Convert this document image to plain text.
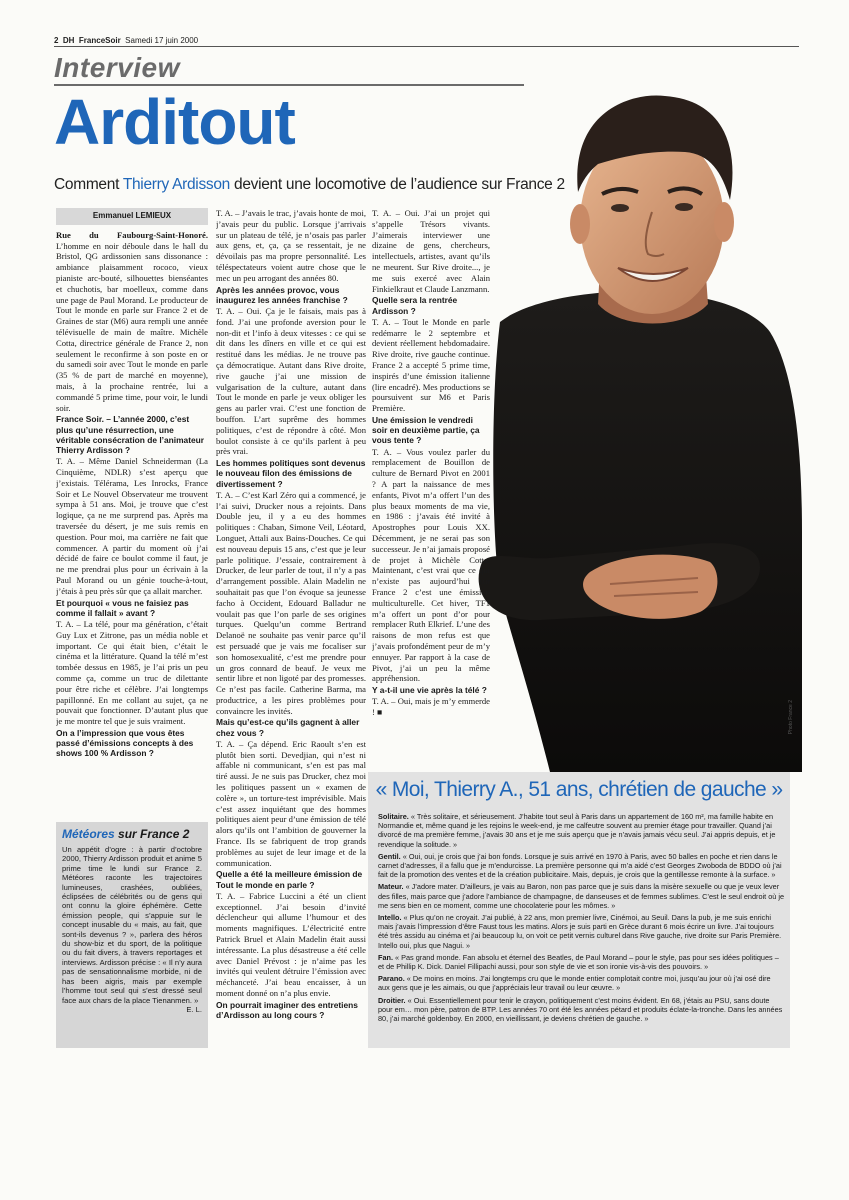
2 DH FranceSoir Samedi 17 juin 2000
Interview
Arditout
Comment Thierry Ardisson devient une locomotive de l’audience sur France 2
Photo France 2
Emmanuel LEMIEUX

Rue du Faubourg-Saint-Honoré. L’homme en noir déboule dans le hall du Bristol, QG ardissonien sans dissonance : ambiance plaisamment rococo, vieux pianiste arc-bouté, silhouettes bienséantes et chuchotis, bar moelleux, comme dans une page de Paul Morand. Le producteur de Tout le monde en parle sur France 2 et de Graines de star (M6) aura rempli une année télévisuelle de main de maître. Michèle Cotta, directrice générale de France 2, non seulement le reconfirme à son poste en or du samedi soir avec Tout le monde en parle (35 % de part de marché en moyenne), mais, à la prochaine rentrée, lui a commandé 5 prime time, pour voir, le lundi soir.

France Soir. – L’année 2000, c’est plus qu’une résurrection, une véritable consécration de l’animateur Thierry Ardisson ?

T. A. – Même Daniel Schneiderman (La Cinquième, NDLR) s’est aperçu que j’existais. Télérama, Les Inrocks, France Soir et Le Nouvel Observateur me trouvent sympa à 51 ans. Moi, je trouve que c’est logique, ça ne me surprend pas. Après ma traversée du désert, je me suis remis en question. Pour moi, ma carrière ne fait que commencer. A partir du moment où j’ai décidé de faire ce boulot comme il faut, je ne me prendrai plus pour un écrivain à la Paul Morand ou un génie touche-à-tout, j’étais à peu près sûr que ça allait marcher.

Et pourquoi « vous ne faisiez pas comme il fallait » avant ?

T. A. – La télé, pour ma génération, c’était Guy Lux et Zitrone, pas un média noble et important. Ce qui était bien, c’était le cinéma et la littérature. Quand la télé m’est tombée dessus en 1985, je l’ai pris un peu comme ça, comme un truc de dilettante pour être riche et célèbre. J’ai longtemps papillonné. En me collant au sujet, ça ne pouvait que fonctionner. D’autant plus que je me montre tel que je suis vraiment.

On a l’impression que vous êtes passé d’émissions concepts à des shows 100 % Ardisson ?

T. A. – J’avais le trac, j’avais honte de moi, j’avais peur du public. Lorsque j’arrivais sur un plateau de télé, je n’osais pas parler aux gens, et, ça, ça se ressentait, je ne dévoilais pas ma propre personnalité. Les téléspectateurs voient autre chose que le mec un peu arrogant des années 80.

Après les années provoc, vous inaugurez les années franchise ?

T. A. – Oui. Ça je le faisais, mais pas à fond. J’ai une profonde aversion pour le non-dit et l’info à deux vitesses : ce qui se dit dans les dîners en ville et ce qui est restitué dans les médias. Je ne trouve pas ça démocratique. Autant dans Rive droite, rive gauche j’ai une mission de vulgarisation de la culture, autant dans Tout le monde en parle je veux obliger les gens au parler vrai. C’est une fonction de bouffon. L’art suprême des hommes politiques, c’est de répondre à côté. Mon boulot consiste à ce qu’ils parlent à peu près vrai.

Les hommes politiques sont devenus le nouveau filon des émissions de divertissement ?

T. A. – C’est Karl Zéro qui a commencé, je l’ai suivi, Drucker nous a rejoints. Dans Double jeu, il y a eu des hommes politiques : Chaban, Simone Veil, Léotard, Longuet, Attali aux Bains-Douches. Ce qui est nouveau depuis 15 ans, c’est que je leur parle politique. J’essaie, contrairement à Drucker, de leur parler de tout, il n’y a pas d’arrangement possible. Alain Madelin ne souhaitait pas que l’on évoque sa jeunesse facho à Occident, Edouard Balladur ne voulait pas que l’on parle de ses origines turques. Quelqu’un comme Bertrand Delanoë ne souhaite pas venir parce qu’il est persuadé que je vais me focaliser sur son homosexualité, c’est me prendre pour un gros connard de beauf. Je veux me sentir libre et non ligoté par des promesses. Ce n’est pas facile. Catherine Barma, ma productrice, a les pires problèmes pour convaincre les invités.

Mais qu’est-ce qu’ils gagnent à aller chez vous ?

T. A. – Ça dépend. Eric Raoult s’en est plutôt bien sorti. Devedjian, qui n’est ni affable ni communicant, s’en est pas mal tiré aussi. Je ne suis pas Drucker, chez moi les politiques passent un « examen de colère », un torture-test imprévisible. Mais c’est assez inquiétant que des hommes politiques aient peur d’une émission de télé alors qu’ils ont l’ambition de gouverner la France. Ils se fabriquent de trop grands problèmes au sujet de leur image et de la communication.

Quelle a été la meilleure émission de Tout le monde en parle ?

T. A. – Fabrice Luccini a été un client exceptionnel. J’ai besoin d’invité déclencheur qui allume l’humour et des moments magnifiques. L’électricité entre Patrick Bruel et Alain Madelin était aussi intéressante. La plus désastreuse a été celle avec Daniel Prévost : je n’aime pas les invités qui veulent détruire l’émission avec méchanceté. J’ai beau encaisser, à un moment donné on n’a plus envie.

On pourrait imaginer des entretiens d’Ardisson au long cours ?

T. A. – Oui. J’ai un projet qui s’appelle Trésors vivants. J’aimerais interviewer une dizaine de gens, chercheurs, intellectuels, artistes, avant qu’ils ne meurent. Sur Rive droite..., je me suis exercé avec Alain Finkielkraut et Claude Lanzmann.

Quelle sera la rentrée Ardisson ?

T. A. – Tout le Monde en parle redémarre le 2 septembre et devient réellement hebdomadaire. Rive droite, rive gauche continue. France 2 a accepté 5 prime time, inspirés d’une émission italienne (lire encadré). Mes productions se poursuivent sur M6 et Paris Première.

Une émission le vendredi soir en deuxième partie, ça vous tente ?

T. A. – Vous voulez parler du remplacement de Bouillon de culture de Bernard Pivot en 2001 ? A part la naissance de mes enfants, Pivot m’a offert l’un des plus beaux moments de ma vie, en 1986 : j’avais été invité à Apostrophes pour Louis XX. Décemment, je ne serai pas son successeur. Je n’ai jamais proposé de projet à Michèle Cotta. Maintenant, c’est vrai que ce qui n’existe pas aujourd’hui sur France 2 c’est une émission multiculturelle. Cet hiver, TF1 m’a offert un pont d’or pour remplacer Ruth Elkrief. L’une des raisons de mon refus est que j’avais profondément peur de m’y ennuyer. Par rapport à la case de Pivot, j’ai un peu la même appréhension.

Y a-t-il une vie après la télé ?

T. A. – Oui, mais je m’y emmerde ! ■

Météores sur France 2
Un appétit d’ogre : à partir d’octobre 2000, Thierry Ardisson produit et anime 5 prime time le lundi sur France 2. Météores raconte les trajectoires lumineuses, crashées, oubliées, éclipsées de célébrités ou de gens qui ont connu la gloire éphémère. Cette émission people, qui s’appuie sur le concept inusable du « mais, au fait, que sont-ils devenus ? », parlera des héros du show-biz et du sport, de la politique ou du fait divers, à travers reportages et interviews. Ardisson précise : « Il n’y aura pas de sensationnalisme morbide, ni de has been aigris, mais par exemple l’homme tout seul qui s’est dressé seul face aux chars de la place Tienanmen. »
E. L.
« Moi, Thierry A., 51 ans, chrétien de gauche »
Solitaire. « Très solitaire, et sérieusement. J’habite tout seul à Paris dans un appartement de 160 m², ma famille habite en Normandie et, même quand je les rejoins le week-end, je me calfeutre souvent au premier étage pour travailler. Quand j’ai divorcé de ma première femme, j’avais 30 ans et je me suis aperçu que je n’avais jamais vécu seul. J’ai appris depuis, et je revendique la solitude. »
Gentil. « Oui, oui, je crois que j’ai bon fonds. Lorsque je suis arrivé en 1970 à Paris, avec 50 balles en poche et rien dans le carnet d’adresses, il a fallu que je m’endurcisse. La première personne qui m’a aidé c’est Georges Zwoboda de BDDO où j’ai fait de la promotion des ventes et de la création publicitaire. Mais, depuis, je crois que la gentillesse remonte à la surface. »
Mateur. « J’adore mater. D’ailleurs, je vais au Baron, non pas parce que je suis dans la misère sexuelle ou que je veux lever des filles, mais parce que j’adore l’ambiance de champagne, de danseuses et de femmes sublimes. C’est le seul endroit où je me sens bien en ce moment, comme une chocolaterie pour les mômes. »
Intello. « Plus qu’on ne croyait. J’ai publié, à 22 ans, mon premier livre, Cinémoi, au Seuil. Dans la pub, je me suis enrichi mais j’avais l’impression d’être Faust tous les matins. Alors je suis parti en Grèce durant 6 mois écrire un livre. J’ai toujours été très assidu au cinéma et j’ai beaucoup lu, on voit ce petit vernis culturel dans Rive gauche, rive droite sur Paris Première. Intello oui, plus que Nagui. »
Fan. « Pas grand monde. Fan absolu et éternel des Beatles, de Paul Morand – pour le style, pas pour ses idées politiques – et de Phillip K. Dick. Daniel Fillipachi aussi, pour son style de vie et son ironie vis-à-vis des pouvoirs. »
Parano. « De moins en moins. J’ai longtemps cru que le monde entier complotait contre moi, jusqu’au jour où j’ai osé dire aux gens que je les aimais, ou que j’appréciais leur travail ou leur œuvre. »
Droitier. « Oui. Essentiellement pour tenir le crayon, politiquement c’est moins évident. En 68, j’étais au PSU, sans doute pour em… mon père, patron de BTP. Les années 70 ont été les années pétard et produits éclate-la-tronche. Dans les années 80, j’ai marché goldenboy. En 2000, en vieillissant, je deviens chrétien de gauche. »
